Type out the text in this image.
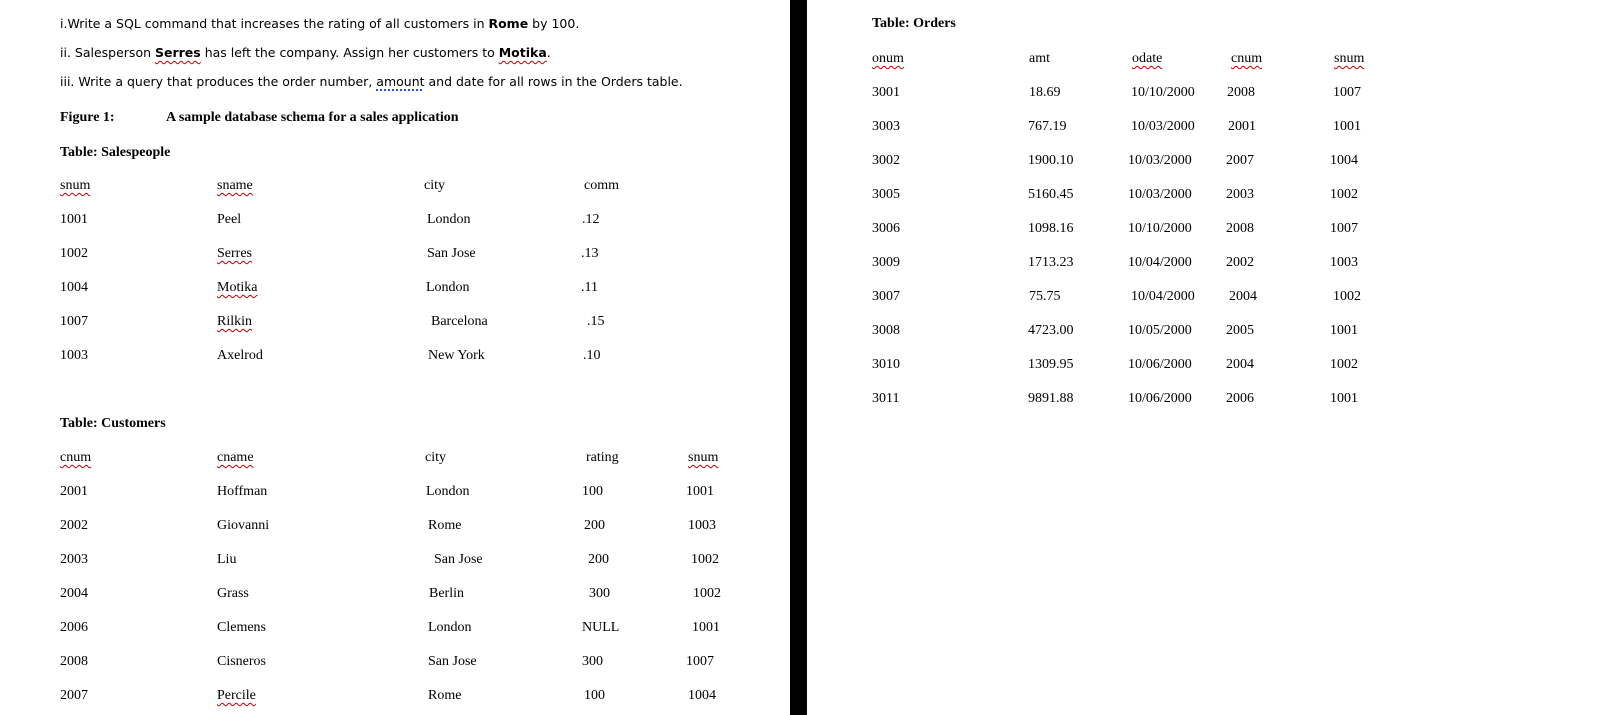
i.Write a SQL command that increases the rating of all customers in Rome by 100.
ii. Salesperson Serres has left the company. Assign her customers to Motika.
iii. Write a query that produces the order number, amount and date for all rows in the Orders table.
Figure 1:	A sample database schema for a sales application
Table: Salespeople
snum	sname	city	comm
1001	Peel	London	.12
1002	Serres	San Jose	.13
1004	Motika	London	.11
1007	Rilkin	Barcelona	.15
1003	Axelrod	New York	.10
Table: Customers
cnum	cname	city	rating	snum
2001	Hoffman	London	100	1001
2002	Giovanni	Rome	200	1003
2003	Liu	San Jose	200	1002
2004	Grass	Berlin	300	1002
2006	Clemens	London	NULL	1001
2008	Cisneros	San Jose	300	1007
2007	Percile	Rome	100	1004
Table: Orders
onum	amt	odate	cnum	snum
3001	18.69	10/10/2000 2008	1007
3003	767.19	10/03/2000 2001	1001
3002	1900.10	10/03/2000 2007	1004
3005	5160.45	10/03/2000 2003	1002
3006	1098.16	10/10/2000 2008	1007
3009	1713.23	10/04/2000 2002	1003
3007	75.75	10/04/2000 2004	1002
3008	4723.00	10/05/2000 2005	1001
3010	1309.95	10/06/2000 2004	1002
3011	9891.88	10/06/2000 2006	1001
